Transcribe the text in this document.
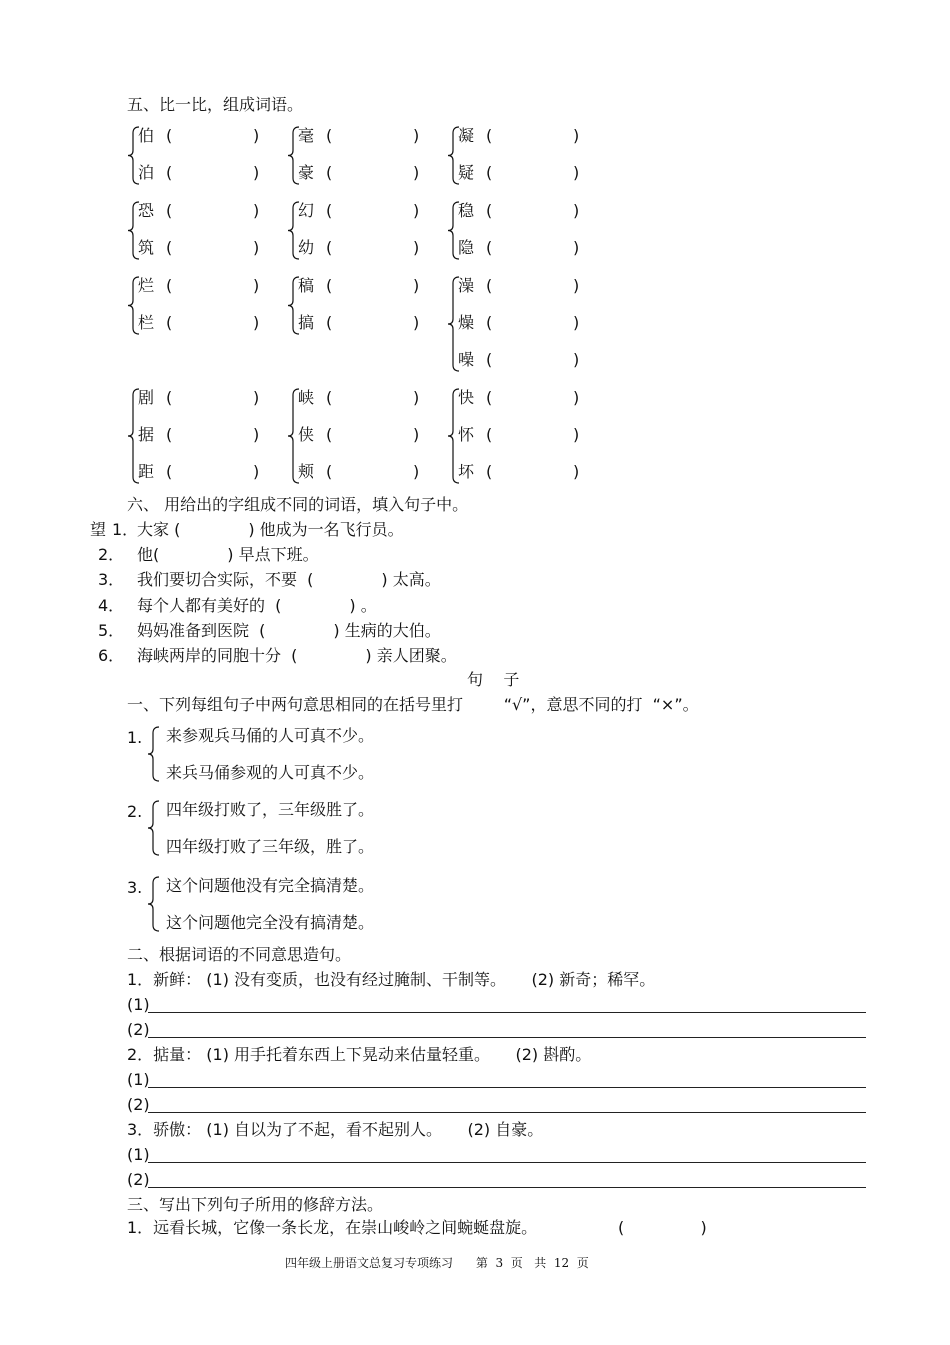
五、比一比，组成词语。
伯 (	)
泊 (	)
毫 (	)
豪 (	)
凝 (	)
疑 (	)
恐 (	)
筑 (	)
幻 (	)
幼 (	)
稳 (	)
隐 (	)
烂 (	)
栏 (	)
稿 (	)
搞 (	)
澡 (	)
燥 (	)
噪 (	)
剧 (	)
据 (	)
距 (	)
峡 (	)
侠 (	)
颊 (	)
快 (	)
怀 (	)
坏 (	)
六、 用给出的字组成不同的词语，填入句子中。
望 1．
大家 (	) 他成为一名飞行员。
2． 他(	) 早点下班。
3． 我们要切合实际，不要  (	) 太高。
4． 每个人都有美好的  (	) 。
5． 妈妈准备到医院  (	) 生病的大伯。
6． 海峡两岸的同胞十分  (	) 亲人团聚。
句    子
一、下列每组句子中两句意思相同的在括号里打        “√”，意思不同的打  “×”。
1. 来参观兵马俑的人可真不少。
来兵马俑参观的人可真不少。
2. 四年级打败了，三年级胜了。
四年级打败了三年级，胜了。
3. 这个问题他没有完全搞清楚。
这个问题他完全没有搞清楚。
二、根据词语的不同意思造句。
1．新鲜： (1) 没有变质，也没有经过腌制、干制等。     (2) 新奇；稀罕。
(1)
(2)
2．掂量： (1) 用手托着东西上下晃动来估量轻重。     (2) 斟酌。
(1)
(2)
3．骄傲： (1) 自以为了不起，看不起别人。     (2) 自豪。
(1)
(2)
三、写出下列句子所用的修辞方法。
1．远看长城，它像一条长龙，在崇山峻岭之间蜿蜒盘旋。	(               )
四年级上册语文总复习专项练习      第  3  页   共  12  页
